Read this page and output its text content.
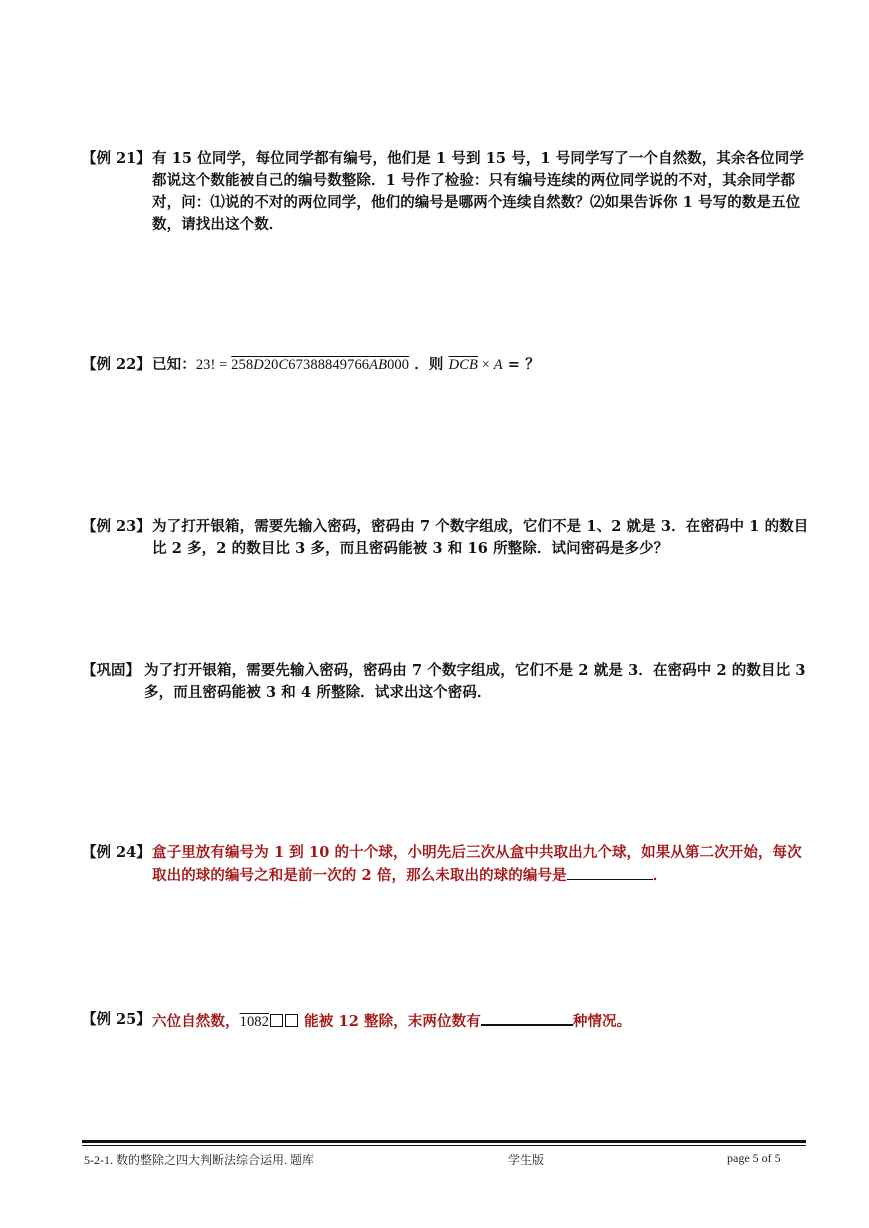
【例 21】 有 15 位同学，每位同学都有编号，他们是 1 号到 15 号，1 号同学写了一个自然数，其余各位同学都说这个数能被自己的编号数整除．1 号作了检验：只有编号连续的两位同学说的不对，其余同学都对，问：⑴说的不对的两位同学，他们的编号是哪两个连续自然数？⑵如果告诉你 1 号写的数是五位数，请找出这个数．
【例 22】 已知：23! = 258D20C67388849766AB000 ．则 $\overline{DCB} \times A$ = ？
【例 23】 为了打开银箱，需要先输入密码，密码由 7 个数字组成，它们不是 1、2 就是 3．在密码中 1 的数目比 2 多，2 的数目比 3 多，而且密码能被 3 和 16 所整除．试问密码是多少？
【巩固】 为了打开银箱，需要先输入密码，密码由 7 个数字组成，它们不是 2 就是 3．在密码中 2 的数目比 3 多，而且密码能被 3 和 4 所整除．试求出这个密码．
【例 24】 盒子里放有编号为 1 到 10 的十个球，小明先后三次从盒中共取出九个球，如果从第二次开始，每次取出的球的编号之和是前一次的 2 倍，那么未取出的球的编号是	．
【例 25】 六位自然数，1082 能被 12 整除，末两位数有	种情况。
5-2-1. 数的整除之四大判断法综合运用. 题库	学生版	page 5 of 5
